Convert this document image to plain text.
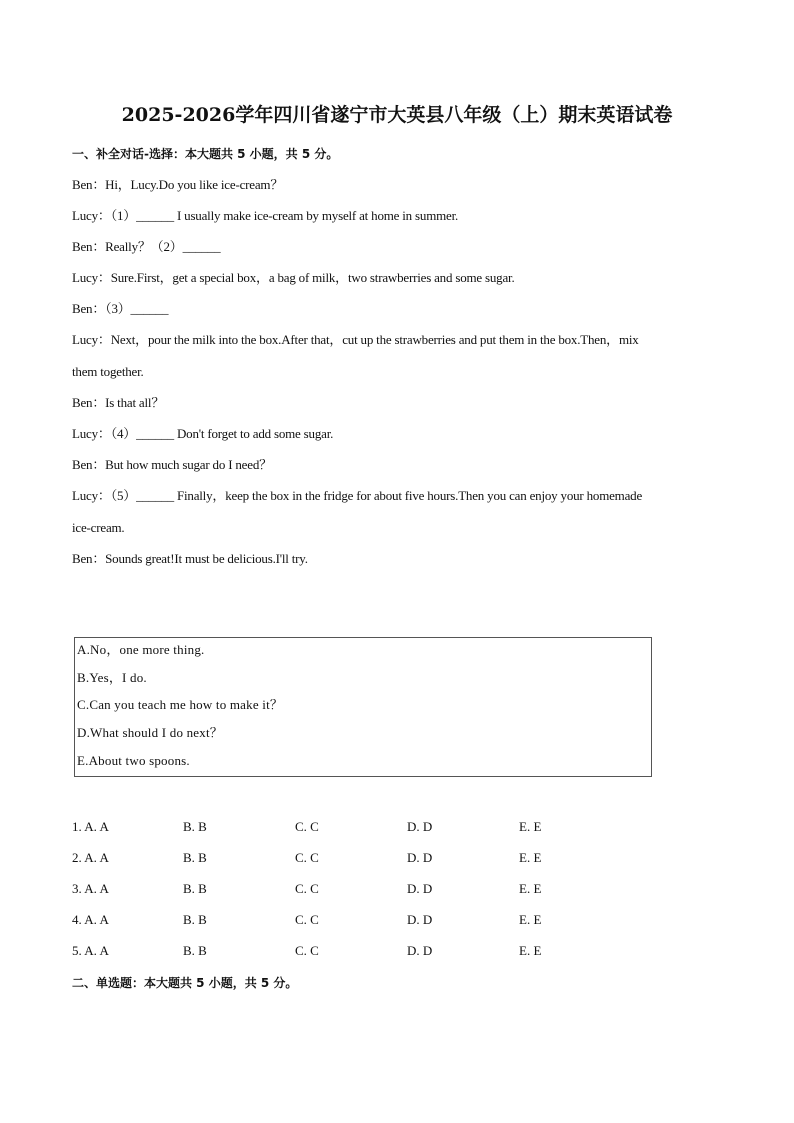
2025-2026学年四川省遂宁市大英县八年级（上）期末英语试卷
一、补全对话-选择：本大题共 5 小题，共 5 分。
Ben：Hi，Lucy.Do you like ice-cream？
Lucy：（1）______ I usually make ice-cream by myself at home in summer.
Ben：Really？（2）______
Lucy：Sure.First，get a special box，a bag of milk，two strawberries and some sugar.
Ben：（3）______
Lucy：Next，pour the milk into the box.After that，cut up the strawberries and put them in the box.Then，mix
them together.
Ben：Is that all？
Lucy：（4）______ Don't forget to add some sugar.
Ben：But how much sugar do I need？
Lucy：（5）______ Finally，keep the box in the fridge for about five hours.Then you can enjoy your homemade
ice-cream.
Ben：Sounds great!It must be delicious.I'll try.
A.No，one more thing.
B.Yes，I do.
C.Can you teach me how to make it？
D.What should I do next？
E.About two spoons.
1. A. A	B. B	C. C	D. D	E. E
2. A. A	B. B	C. C	D. D	E. E
3. A. A	B. B	C. C	D. D	E. E
4. A. A	B. B	C. C	D. D	E. E
5. A. A	B. B	C. C	D. D	E. E
二、单选题：本大题共 5 小题，共 5 分。
